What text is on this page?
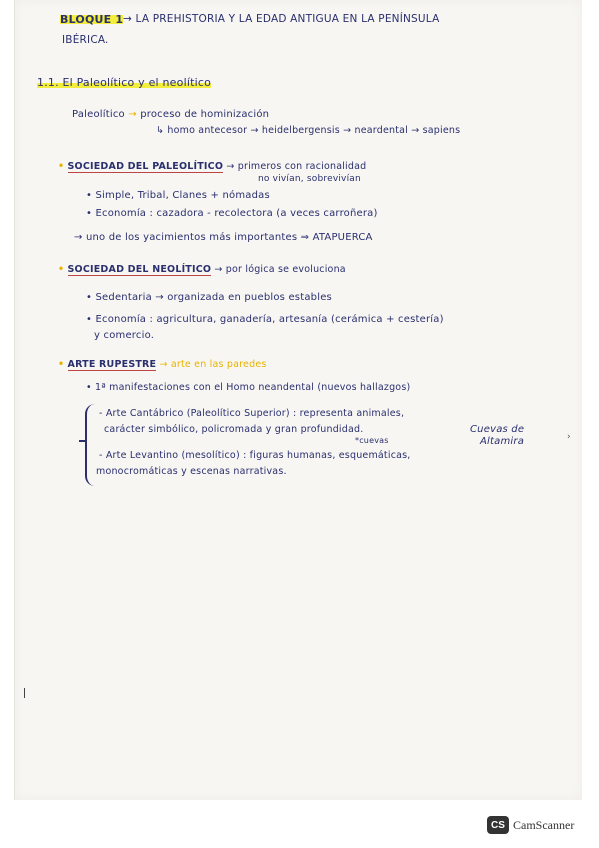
BLOQUE 1 → LA PREHISTORIA Y LA EDAD ANTIGUA EN LA PENÍNSULA
IBÉRICA.
1.1. El Paleolítico y el neolítico
Paleolítico → proceso de hominización
↳ homo antecesor → heidelbergensis → neardental → sapiens
• SOCIEDAD DEL PALEOLÍTICO → primeros con racionalidad
no vivían, sobrevivían
• Simple, Tribal, Clanes + nómadas
• Economía : cazadora - recolectora (a veces carroñera)
→ uno de los yacimientos más importantes ⇒ ATAPUERCA
• SOCIEDAD DEL NEOLÍTICO → por lógica se evoluciona
• Sedentaria → organizada en pueblos estables
• Economía : agricultura, ganadería, artesanía (cerámica + cestería)
y comercio.
• ARTE RUPESTRE → arte en las paredes
• 1ª manifestaciones con el Homo neandental (nuevos hallazgos)
- Arte Cantábrico (Paleolítico Superior) : representa animales,
carácter simbólico, policromada y gran profundidad.	Cuevas de
*cuevas	Altamira
- Arte Levantino (mesolítico) : figuras humanas, esquemáticas,
monocromáticas y escenas narrativas.
›
CS CamScanner
